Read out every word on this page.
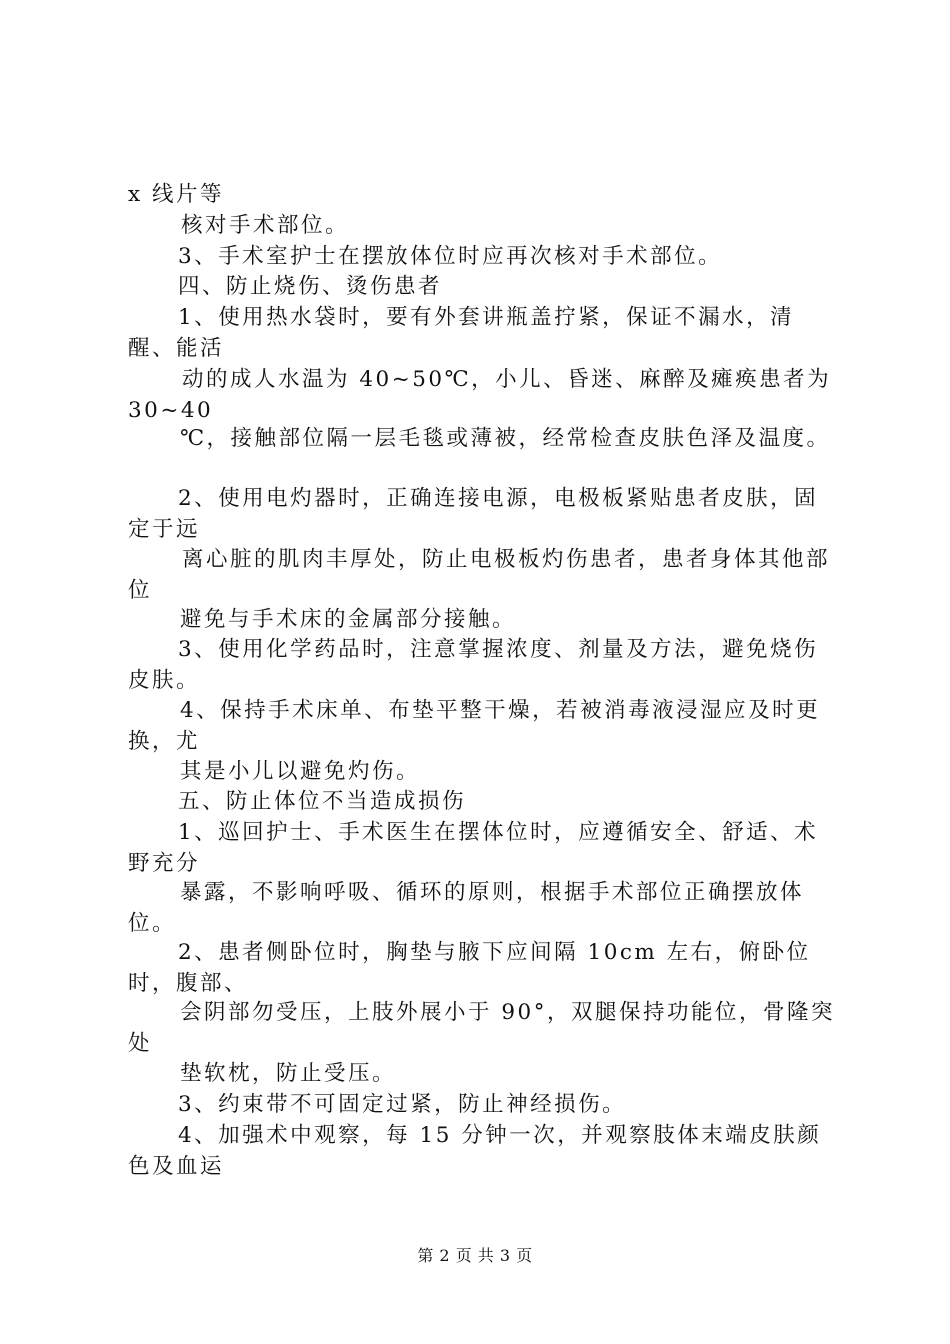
x 线片等
核对手术部位。
3、手术室护士在摆放体位时应再次核对手术部位。
四、防止烧伤、烫伤患者
1、使用热水袋时，要有外套讲瓶盖拧紧，保证不漏水，清醒、能活
动的成人水温为 40~50℃，小儿、昏迷、麻醉及瘫痪患者为 30~40
℃，接触部位隔一层毛毯或薄被，经常检查皮肤色泽及温度。
2、使用电灼器时，正确连接电源，电极板紧贴患者皮肤，固定于远
离心脏的肌肉丰厚处，防止电极板灼伤患者，患者身体其他部位
避免与手术床的金属部分接触。
3、使用化学药品时，注意掌握浓度、剂量及方法，避免烧伤皮肤。
4、保持手术床单、布垫平整干燥，若被消毒液浸湿应及时更换，尤
其是小儿以避免灼伤。
五、防止体位不当造成损伤
1、巡回护士、手术医生在摆体位时，应遵循安全、舒适、术野充分
暴露，不影响呼吸、循环的原则，根据手术部位正确摆放体位。
2、患者侧卧位时，胸垫与腋下应间隔 10cm 左右，俯卧位时，腹部、
会阴部勿受压，上肢外展小于 90°，双腿保持功能位，骨隆突处
垫软枕，防止受压。
3、约束带不可固定过紧，防止神经损伤。
4、加强术中观察，每 15 分钟一次，并观察肢体末端皮肤颜色及血运
第 2 页 共 3 页
